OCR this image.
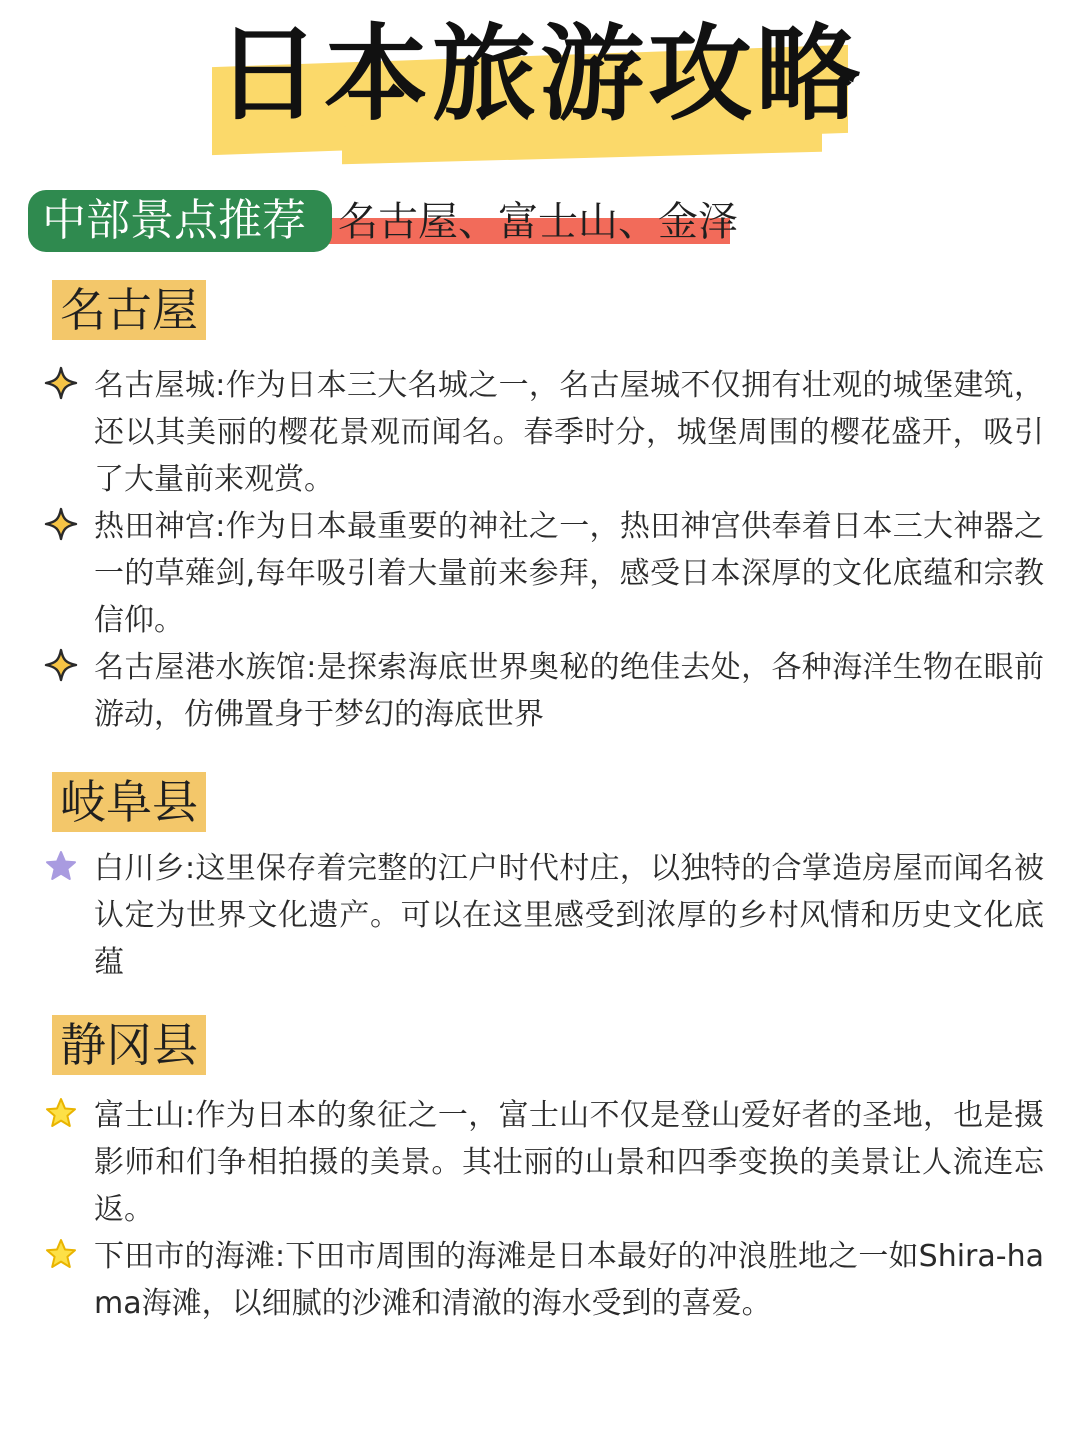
日本旅游攻略
中部景点推荐 名古屋、富士山、金泽
名古屋
名古屋城:作为日本三大名城之一，名古屋城不仅拥有壮观的城堡建筑，还以其美丽的樱花景观而闻名。春季时分，城堡周围的樱花盛开，吸引了大量前来观赏。
热田神宫:作为日本最重要的神社之一，热田神宫供奉着日本三大神器之一的草薙剑,每年吸引着大量前来参拜，感受日本深厚的文化底蕴和宗教信仰。
名古屋港水族馆:是探索海底世界奥秘的绝佳去处，各种海洋生物在眼前游动，仿佛置身于梦幻的海底世界
岐阜县
白川乡:这里保存着完整的江户时代村庄，以独特的合掌造房屋而闻名被认定为世界文化遗产。可以在这里感受到浓厚的乡村风情和历史文化底蕴
静冈县
富士山:作为日本的象征之一，富士山不仅是登山爱好者的圣地，也是摄影师和们争相拍摄的美景。其壮丽的山景和四季变换的美景让人流连忘返。
下田市的海滩:下田市周围的海滩是日本最好的冲浪胜地之一如Shira-hama海滩，以细腻的沙滩和清澈的海水受到的喜爱。
